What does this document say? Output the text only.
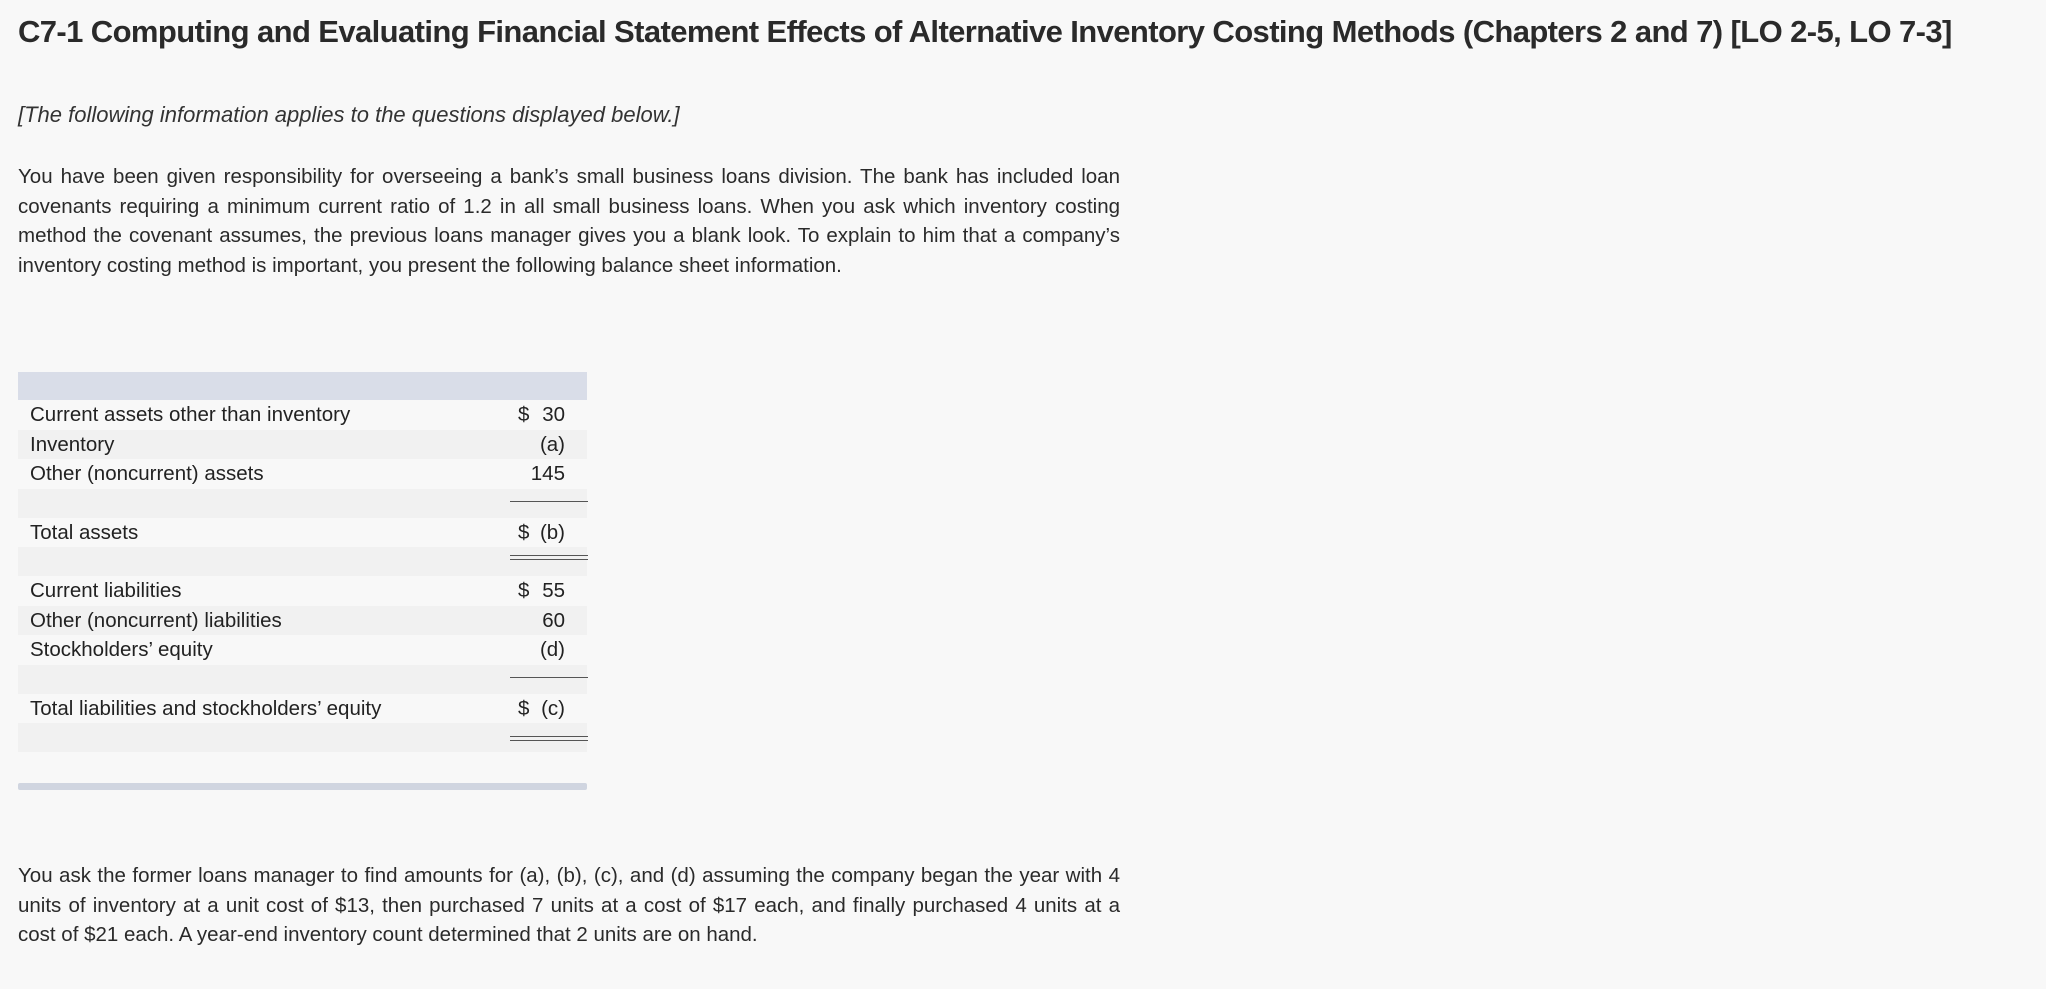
C7-1 Computing and Evaluating Financial Statement Effects of Alternative Inventory Costing Methods (Chapters 2 and 7) [LO 2-5, LO 7-3]
[The following information applies to the questions displayed below.]

You have been given responsibility for overseeing a bank’s small business loans division. The bank has included loan covenants requiring a minimum current ratio of 1.2 in all small business loans. When you ask which inventory costing method the covenant assumes, the previous loans manager gives you a blank look. To explain to him that a company’s inventory costing method is important, you present the following balance sheet information.

Current assets other than inventory	$ 30
Inventory	(a)
Other (noncurrent) assets	145
Total assets	$ (b)
Current liabilities	$ 55
Other (noncurrent) liabilities	60
Stockholders’ equity	(d)
Total liabilities and stockholders’ equity	$ (c)

You ask the former loans manager to find amounts for (a), (b), (c), and (d) assuming the company began the year with 4 units of inventory at a unit cost of $13, then purchased 7 units at a cost of $17 each, and finally purchased 4 units at a cost of $21 each. A year-end inventory count determined that 2 units are on hand.
